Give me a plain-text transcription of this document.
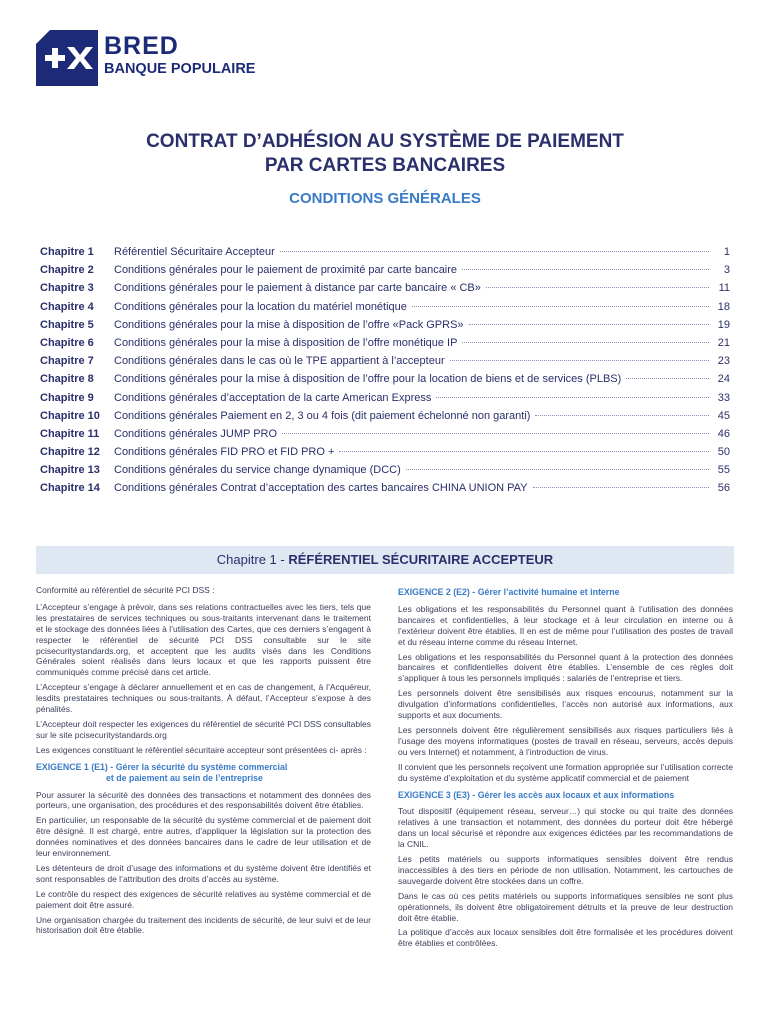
BRED
BANQUE POPULAIRE
CONTRAT D’ADHÉSION AU SYSTÈME DE PAIEMENT
PAR CARTES BANCAIRES
CONDITIONS GÉNÉRALES
Chapitre 1	Référentiel Sécuritaire Accepteur	1
Chapitre 2	Conditions générales pour le paiement de proximité par carte bancaire	3
Chapitre 3	Conditions générales pour le paiement à distance par carte bancaire « CB»	11
Chapitre 4	Conditions générales pour la location du matériel monétique	18
Chapitre 5	Conditions générales pour la mise à disposition de l’offre «Pack GPRS»	19
Chapitre 6	Conditions générales pour la mise à disposition de l’offre monétique IP	21
Chapitre 7	Conditions générales dans le cas où le TPE appartient à l’accepteur	23
Chapitre 8	Conditions générales pour la mise à disposition de l’offre pour la location de biens et de services (PLBS)	24
Chapitre 9	Conditions générales d’acceptation de la carte American Express	33
Chapitre 10	Conditions générales Paiement en 2, 3 ou 4 fois (dit paiement échelonné non garanti)	45
Chapitre 11	Conditions générales JUMP PRO	46
Chapitre 12	Conditions générales FID PRO et FID PRO +	50
Chapitre 13	Conditions générales du service change dynamique (DCC)	55
Chapitre 14	Conditions générales Contrat d’acceptation des cartes bancaires CHINA UNION PAY	56
Chapitre 1 - RÉFÉRENTIEL SÉCURITAIRE ACCEPTEUR

Conformité au référentiel de sécurité PCI DSS :

L’Accepteur s’engage à prévoir, dans ses relations contractuelles avec les tiers, tels que les prestataires de services techniques ou sous-traitants intervenant dans le traitement et le stockage des données liées à l’utilisation des Cartes, que ces derniers s’engagent à respecter le référentiel de sécurité PCI DSS consultable sur le site pcisecuritystandards.org, et acceptent que les audits visés dans les Conditions Générales soient réalisés dans leurs locaux et que les rapports puissent être communiqués comme précisé dans cet article.

L’Accepteur s’engage à déclarer annuellement et en cas de changement, à l’Acquéreur, lesdits prestataires techniques ou sous-traitants. À défaut, l’Accepteur s’expose à des pénalités.

L’Accepteur doit respecter les exigences du référentiel de sécurité PCI DSS consultables sur le site pcisecuritystandards.org

Les exigences constituant le référentiel sécuritaire accepteur sont présentées ci- après :

EXIGENCE 1 (E1) - Gérer la sécurité du système commercial
et de paiement au sein de l’entreprise

Pour assurer la sécurité des données des transactions et notamment des données des porteurs, une organisation, des procédures et des responsabilités doivent être établies.

En particulier, un responsable de la sécurité du système commercial et de paiement doit être désigné. Il est chargé, entre autres, d’appliquer la législation sur la protection des données nominatives et des données bancaires dans le cadre de leur utilisation et de leur environnement.

Les détenteurs de droit d’usage des informations et du système doivent être identifiés et sont responsables de l’attribution des droits d’accès au système.

Le contrôle du respect des exigences de sécurité relatives au système commercial et de paiement doit être assuré.

Une organisation chargée du traitement des incidents de sécurité, de leur suivi et de leur historisation doit être établie.

EXIGENCE 2 (E2) - Gérer l’activité humaine et interne

Les obligations et les responsabilités du Personnel quant à l’utilisation des données bancaires et confidentielles, à leur stockage et à leur circulation en interne ou à l’extérieur doivent être établies. Il en est de même pour l’utilisation des postes de travail et du réseau interne comme du réseau Internet.

Les obligations et les responsabilités du Personnel quant à la protection des données bancaires et confidentielles doivent être établies. L’ensemble de ces règles doit s’appliquer à tous les personnels impliqués : salariés de l’entreprise et tiers.

Les personnels doivent être sensibilisés aux risques encourus, notamment sur la divulgation d’informations confidentielles, l’accès non autorisé aux informations, aux supports et aux documents.

Les personnels doivent être régulièrement sensibilisés aux risques particuliers liés à l’usage des moyens informatiques (postes de travail en réseau, serveurs, accès depuis ou vers Internet) et notamment, à l’introduction de virus.

Il convient que les personnels reçoivent une formation appropriée sur l’utilisation correcte du système d’exploitation et du système applicatif commercial et de paiement

EXIGENCE 3 (E3) - Gérer les accès aux locaux et aux informations

Tout dispositif (équipement réseau, serveur…) qui stocke ou qui traite des données relatives à une transaction et notamment, des données du porteur doit être hébergé dans un local sécurisé et répondre aux exigences édictées par les recommandations de la CNIL.

Les petits matériels ou supports informatiques sensibles doivent être rendus inaccessibles à des tiers en période de non utilisation. Notamment, les cartouches de sauvegarde doivent être stockées dans un coffre.

Dans le cas où ces petits matériels ou supports informatiques sensibles ne sont plus opérationnels, ils doivent être obligatoirement détruits et la preuve de leur destruction doit être établie.

La politique d’accès aux locaux sensibles doit être formalisée et les procédures doivent être établies et contrôlées.
